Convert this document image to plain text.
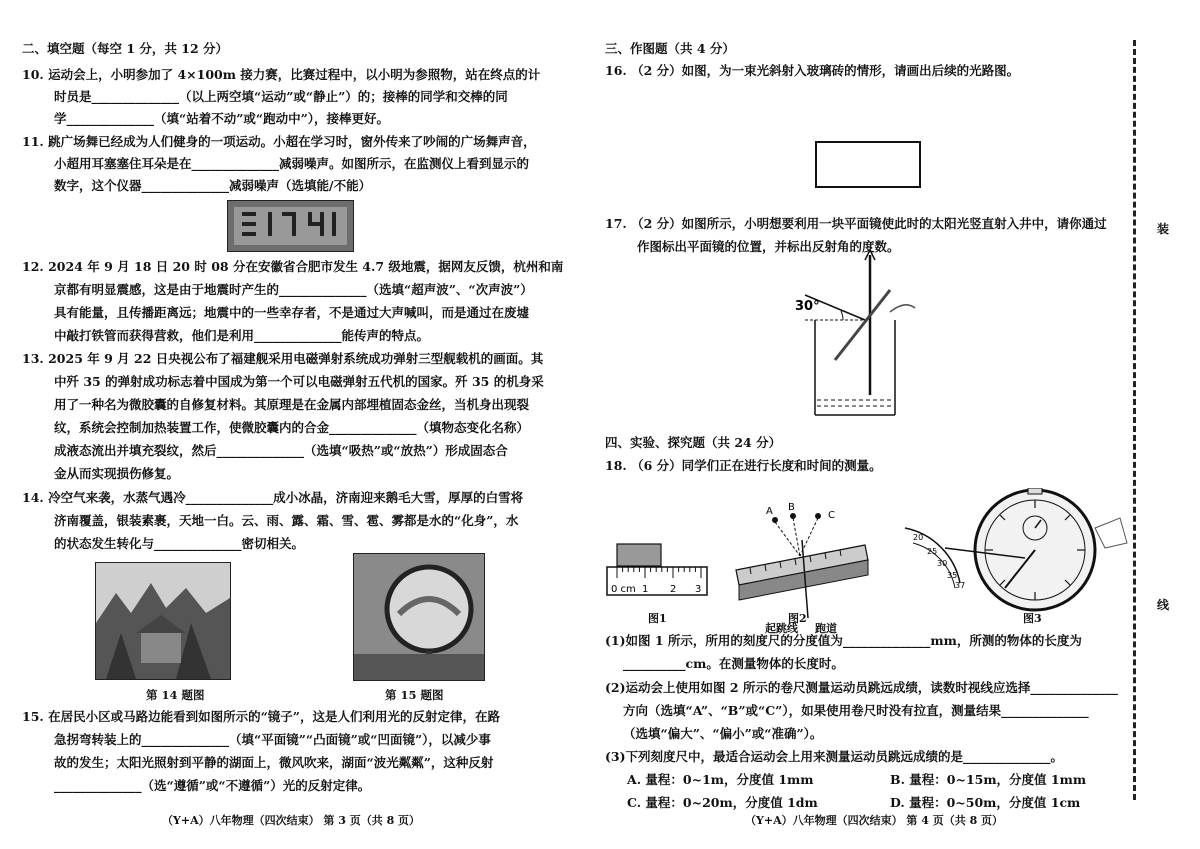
二、填空题（每空 1 分，共 12 分）
10. 运动会上，小明参加了 4×100m 接力赛，比赛过程中，以小明为参照物，站在终点的计
时员是______________（以上两空填“运动”或“静止”）的；接棒的同学和交棒的同
学______________（填“站着不动”或“跑动中”），接棒更好。
11. 跳广场舞已经成为人们健身的一项运动。小超在学习时，窗外传来了吵闹的广场舞声音，
小超用耳塞塞住耳朵是在______________减弱噪声。如图所示，在监测仪上看到显示的
数字，这个仪器______________减弱噪声（选填能/不能）
12. 2024 年 9 月 18 日 20 时 08 分在安徽省合肥市发生 4.7 级地震，据网友反馈，杭州和南
京都有明显震感，这是由于地震时产生的______________（选填“超声波”、“次声波”）
具有能量，且传播距离远；地震中的一些幸存者，不是通过大声喊叫，而是通过在废墟
中敲打铁管而获得营救，他们是利用______________能传声的特点。
13. 2025 年 9 月 22 日央视公布了福建舰采用电磁弹射系统成功弹射三型舰载机的画面。其
中歼 35 的弹射成功标志着中国成为第一个可以电磁弹射五代机的国家。歼 35 的机身采
用了一种名为微胶囊的自修复材料。其原理是在金属内部埋植固态金丝，当机身出现裂
纹，系统会控制加热装置工作，使微胶囊内的合金______________（填物态变化名称）
成液态流出并填充裂纹，然后______________（选填“吸热”或“放热”）形成固态合
金从而实现损伤修复。
14. 冷空气来袭，水蒸气遇冷______________成小冰晶，济南迎来鹅毛大雪，厚厚的白雪将
济南覆盖，银装素裹，天地一白。云、雨、露、霜、雪、雹、雾都是水的“化身”，水
的状态发生转化与______________密切相关。
第 14 题图	第 15 题图
15. 在居民小区或马路边能看到如图所示的“镜子”，这是人们利用光的反射定律，在路
急拐弯转装上的______________（填“平面镜”“凸面镜”或“凹面镜”），以减少事
故的发生；太阳光照射到平静的湖面上，微风吹来，湖面“波光粼粼”，这种反射
______________（选“遵循”或“不遵循”）光的反射定律。
（Y+A）八年物理（四次结束） 第 3 页（共 8 页）
三、作图题（共 4 分）
16. （2 分）如图，为一束光斜射入玻璃砖的情形，请画出后续的光路图。
17. （2 分）如图所示，小明想要利用一块平面镜使此时的太阳光竖直射入井中，请你通过
作图标出平面镜的位置，并标出反射角的度数。
30°
四、实验、探究题（共 24 分）
18. （6 分）同学们正在进行长度和时间的测量。
0 cm 1 2 3
图1
A B
C
起跳线 跑道
图2
20
25
30
35
37
图3
(1)如图 1 所示，所用的刻度尺的分度值为______________mm，所测的物体的长度为
__________cm。在测量物体的长度时。
(2)运动会上使用如图 2 所示的卷尺测量运动员跳远成绩，读数时视线应选择______________
方向（选填“A”、“B”或“C”），如果使用卷尺时没有拉直，测量结果______________
（选填“偏大”、“偏小”或“准确”）。
(3)下列刻度尺中，最适合运动会上用来测量运动员跳远成绩的是______________。
A. 量程：0~1m，分度值 1mm	B. 量程：0~15m，分度值 1mm
C. 量程：0~20m，分度值 1dm	D. 量程：0~50m，分度值 1cm
（Y+A）八年物理（四次结束） 第 4 页（共 8 页）
装
线
